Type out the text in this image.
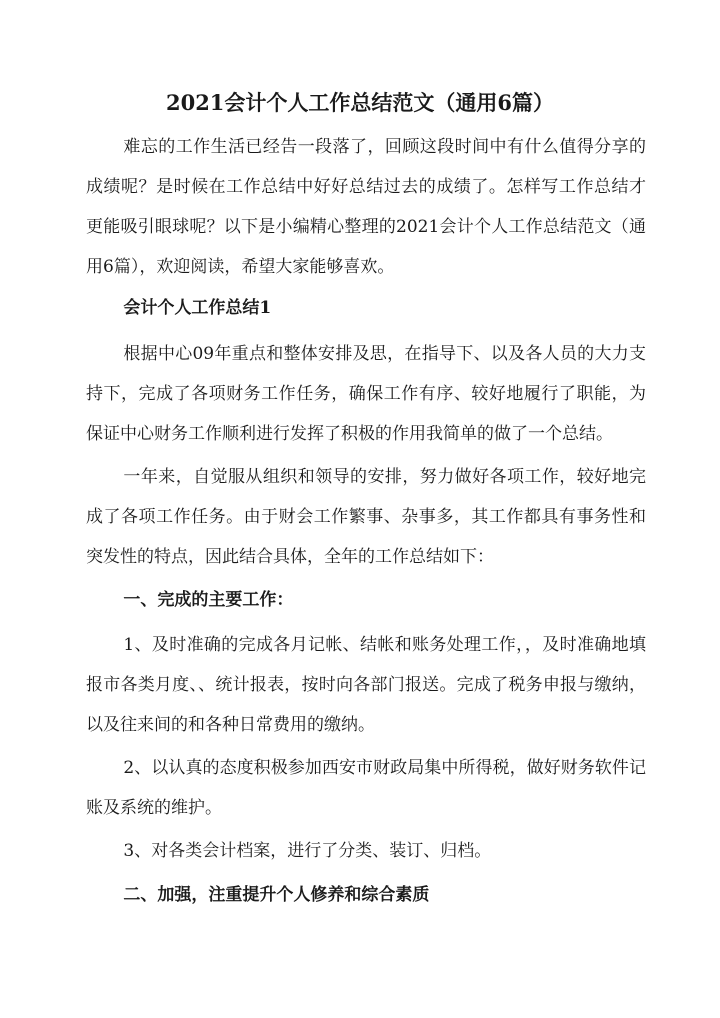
2021会计个人工作总结范文（通用6篇）
难忘的工作生活已经告一段落了，回顾这段时间中有什么值得分享的成绩呢？是时候在工作总结中好好总结过去的成绩了。怎样写工作总结才更能吸引眼球呢？以下是小编精心整理的2021会计个人工作总结范文（通用6篇），欢迎阅读，希望大家能够喜欢。
会计个人工作总结1
根据中心09年重点和整体安排及思，在指导下、以及各人员的大力支持下，完成了各项财务工作任务，确保工作有序、较好地履行了职能，为保证中心财务工作顺利进行发挥了积极的作用我简单的做了一个总结。
一年来，自觉服从组织和领导的安排，努力做好各项工作，较好地完成了各项工作任务。由于财会工作繁事、杂事多，其工作都具有事务性和突发性的特点，因此结合具体，全年的工作总结如下：
一、完成的主要工作：
1、及时准确的完成各月记帐、结帐和账务处理工作，，及时准确地填报市各类月度、、统计报表，按时向各部门报送。完成了税务申报与缴纳，以及往来间的和各种日常费用的缴纳。
2、以认真的态度积极参加西安市财政局集中所得税，做好财务软件记账及系统的维护。
3、对各类会计档案，进行了分类、装订、归档。
二、加强，注重提升个人修养和综合素质
